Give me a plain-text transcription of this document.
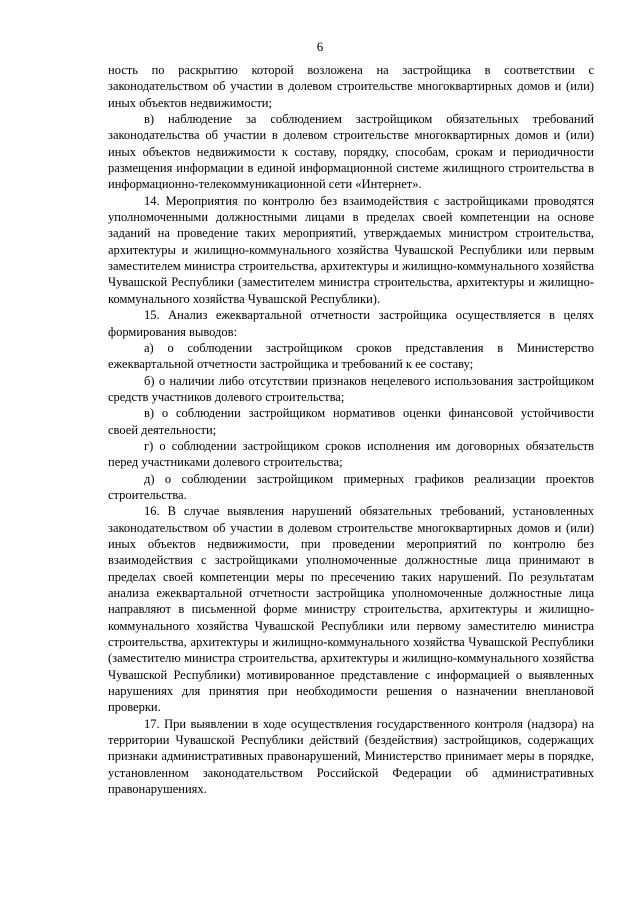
6

ность по раскрытию которой возложена на застройщика в соответствии с законодательством об участии в долевом строительстве многоквартирных домов и (или) иных объектов недвижимости;

в) наблюдение за соблюдением застройщиком обязательных требований законодательства об участии в долевом строительстве многоквартирных домов и (или) иных объектов недвижимости к составу, порядку, способам, срокам и периодичности размещения информации в единой информационной системе жилищного строительства в информационно-телекоммуникационной сети «Интернет».

14. Мероприятия по контролю без взаимодействия с застройщиками проводятся уполномоченными должностными лицами в пределах своей компетенции на основе заданий на проведение таких мероприятий, утверждаемых министром строительства, архитектуры и жилищно-коммунального хозяйства Чувашской Республики или первым заместителем министра строительства, архитектуры и жилищно-коммунального хозяйства Чувашской Республики (заместителем министра строительства, архитектуры и жилищно-коммунального хозяйства Чувашской Республики).

15. Анализ ежеквартальной отчетности застройщика осуществляется в целях формирования выводов:

а) о соблюдении застройщиком сроков представления в Министерство ежеквартальной отчетности застройщика и требований к ее составу;

б) о наличии либо отсутствии признаков нецелевого использования застройщиком средств участников долевого строительства;

в) о соблюдении застройщиком нормативов оценки финансовой устойчивости своей деятельности;

г) о соблюдении застройщиком сроков исполнения им договорных обязательств перед участниками долевого строительства;

д) о соблюдении застройщиком примерных графиков реализации проектов строительства.

16. В случае выявления нарушений обязательных требований, установленных законодательством об участии в долевом строительстве многоквартирных домов и (или) иных объектов недвижимости, при проведении мероприятий по контролю без взаимодействия с застройщиками уполномоченные должностные лица принимают в пределах своей компетенции меры по пресечению таких нарушений. По результатам анализа ежеквартальной отчетности застройщика уполномоченные должностные лица направляют в письменной форме министру строительства, архитектуры и жилищно-коммунального хозяйства Чувашской Республики или первому заместителю министра строительства, архитектуры и жилищно-коммунального хозяйства Чувашской Республики (заместителю министра строительства, архитектуры и жилищно-коммунального хозяйства Чувашской Республики) мотивированное представление с информацией о выявленных нарушениях для принятия при необходимости решения о назначении внеплановой проверки.

17. При выявлении в ходе осуществления государственного контроля (надзора) на территории Чувашской Республики действий (бездействия) застройщиков, содержащих признаки административных правонарушений, Министерство принимает меры в порядке, установленном законодательством Российской Федерации об административных правонарушениях.
